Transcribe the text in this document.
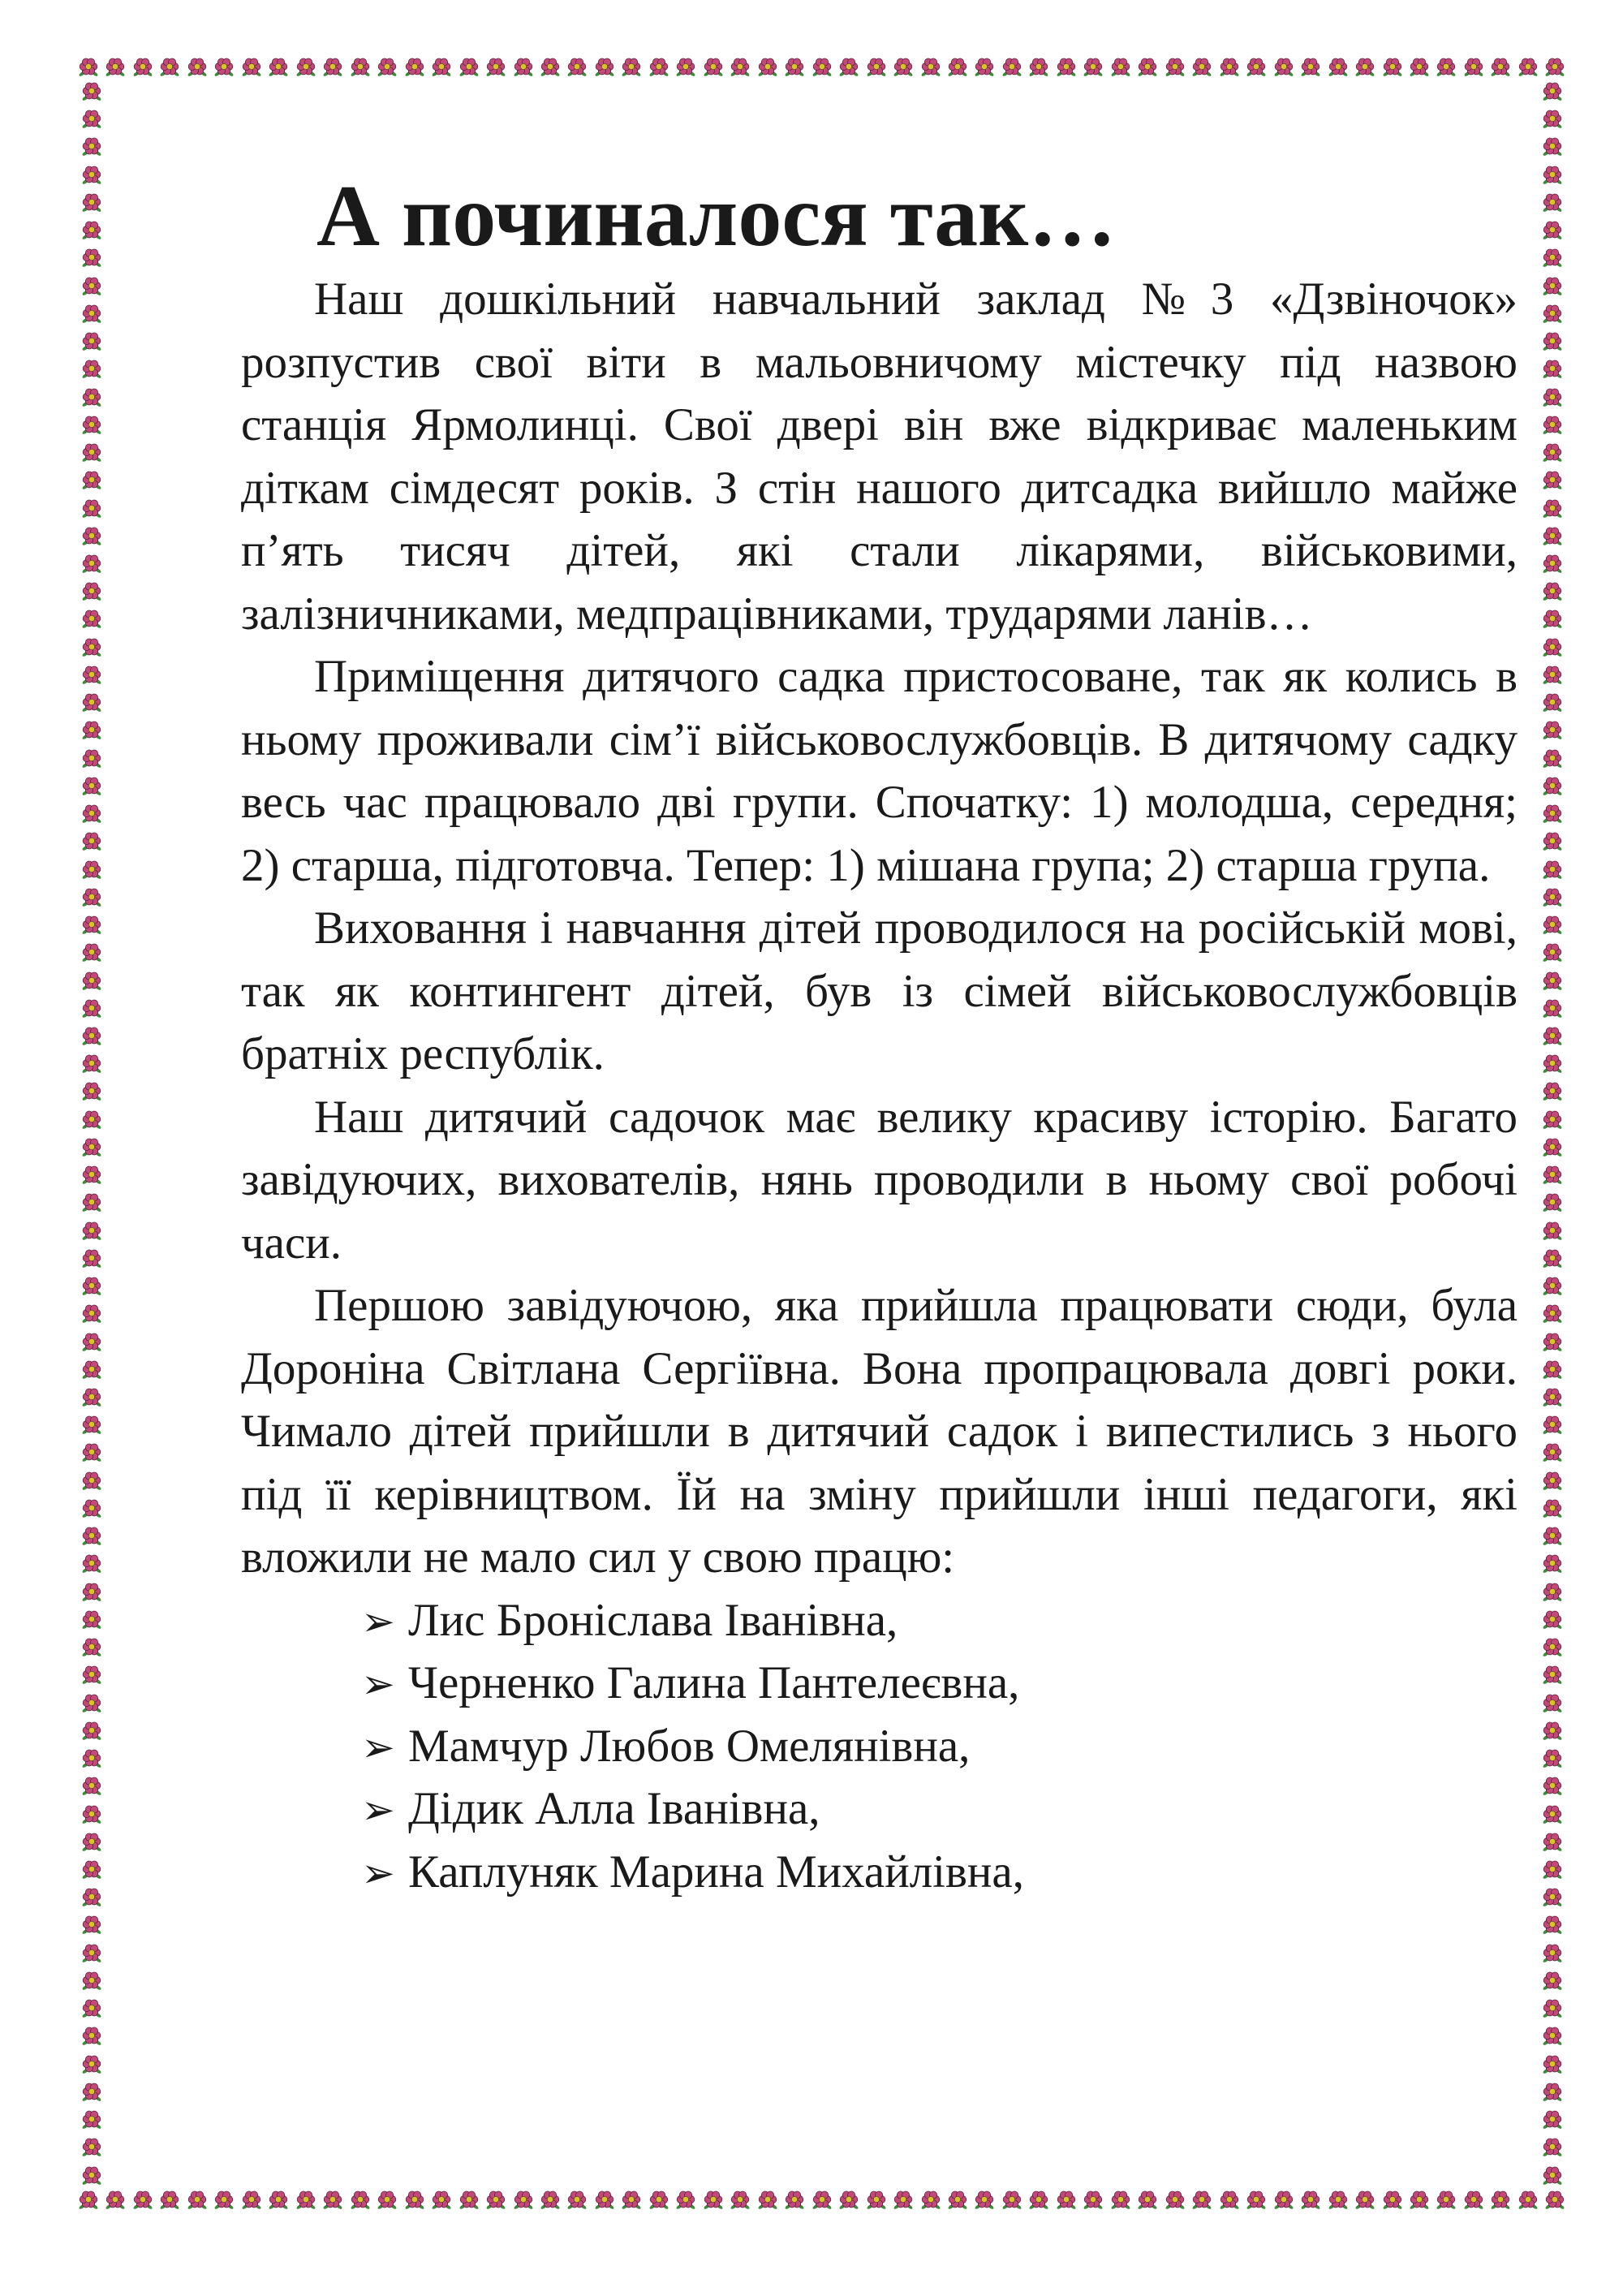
А починалося так…

Наш дошкільний навчальний заклад №3 «Дзвіночок» розпустив свої віти в мальовничому містечку під назвою станція Ярмолинці. Свої двері він вже відкриває маленьким діткам сімдесят років. З стін нашого дитсадка вийшло майже п’ять тисяч дітей, які стали лікарями, військовими, залізничниками, медпрацівниками, трударями ланів…

Приміщення дитячого садка пристосоване, так як колись в ньому проживали сім’ї військовослужбовців. В дитячому садку весь час працювало дві групи. Спочатку: 1) молодша, середня; 2) старша, підготовча. Тепер: 1) мішана група; 2) старша група.

Виховання і навчання дітей проводилося на російській мові, так як контингент дітей, був із сімей військовослужбовців братніх республік.

Наш дитячий садочок має велику красиву історію. Багато завідуючих, вихователів, нянь проводили в ньому свої робочі часи.

Першою завідуючою, яка прийшла працювати сюди, була Дороніна Світлана Сергіївна. Вона пропрацювала довгі роки. Чимало дітей прийшли в дитячий садок і випестились з нього під її керівництвом. Їй на зміну прийшли інші педагоги, які вложили не мало сил у свою працю:

➢ Лис Броніслава Іванівна,
➢ Черненко Галина Пантелеєвна,
➢ Мамчур Любов Омелянівна,
➢ Дідик Алла Іванівна,
➢ Каплуняк Марина Михайлівна,
